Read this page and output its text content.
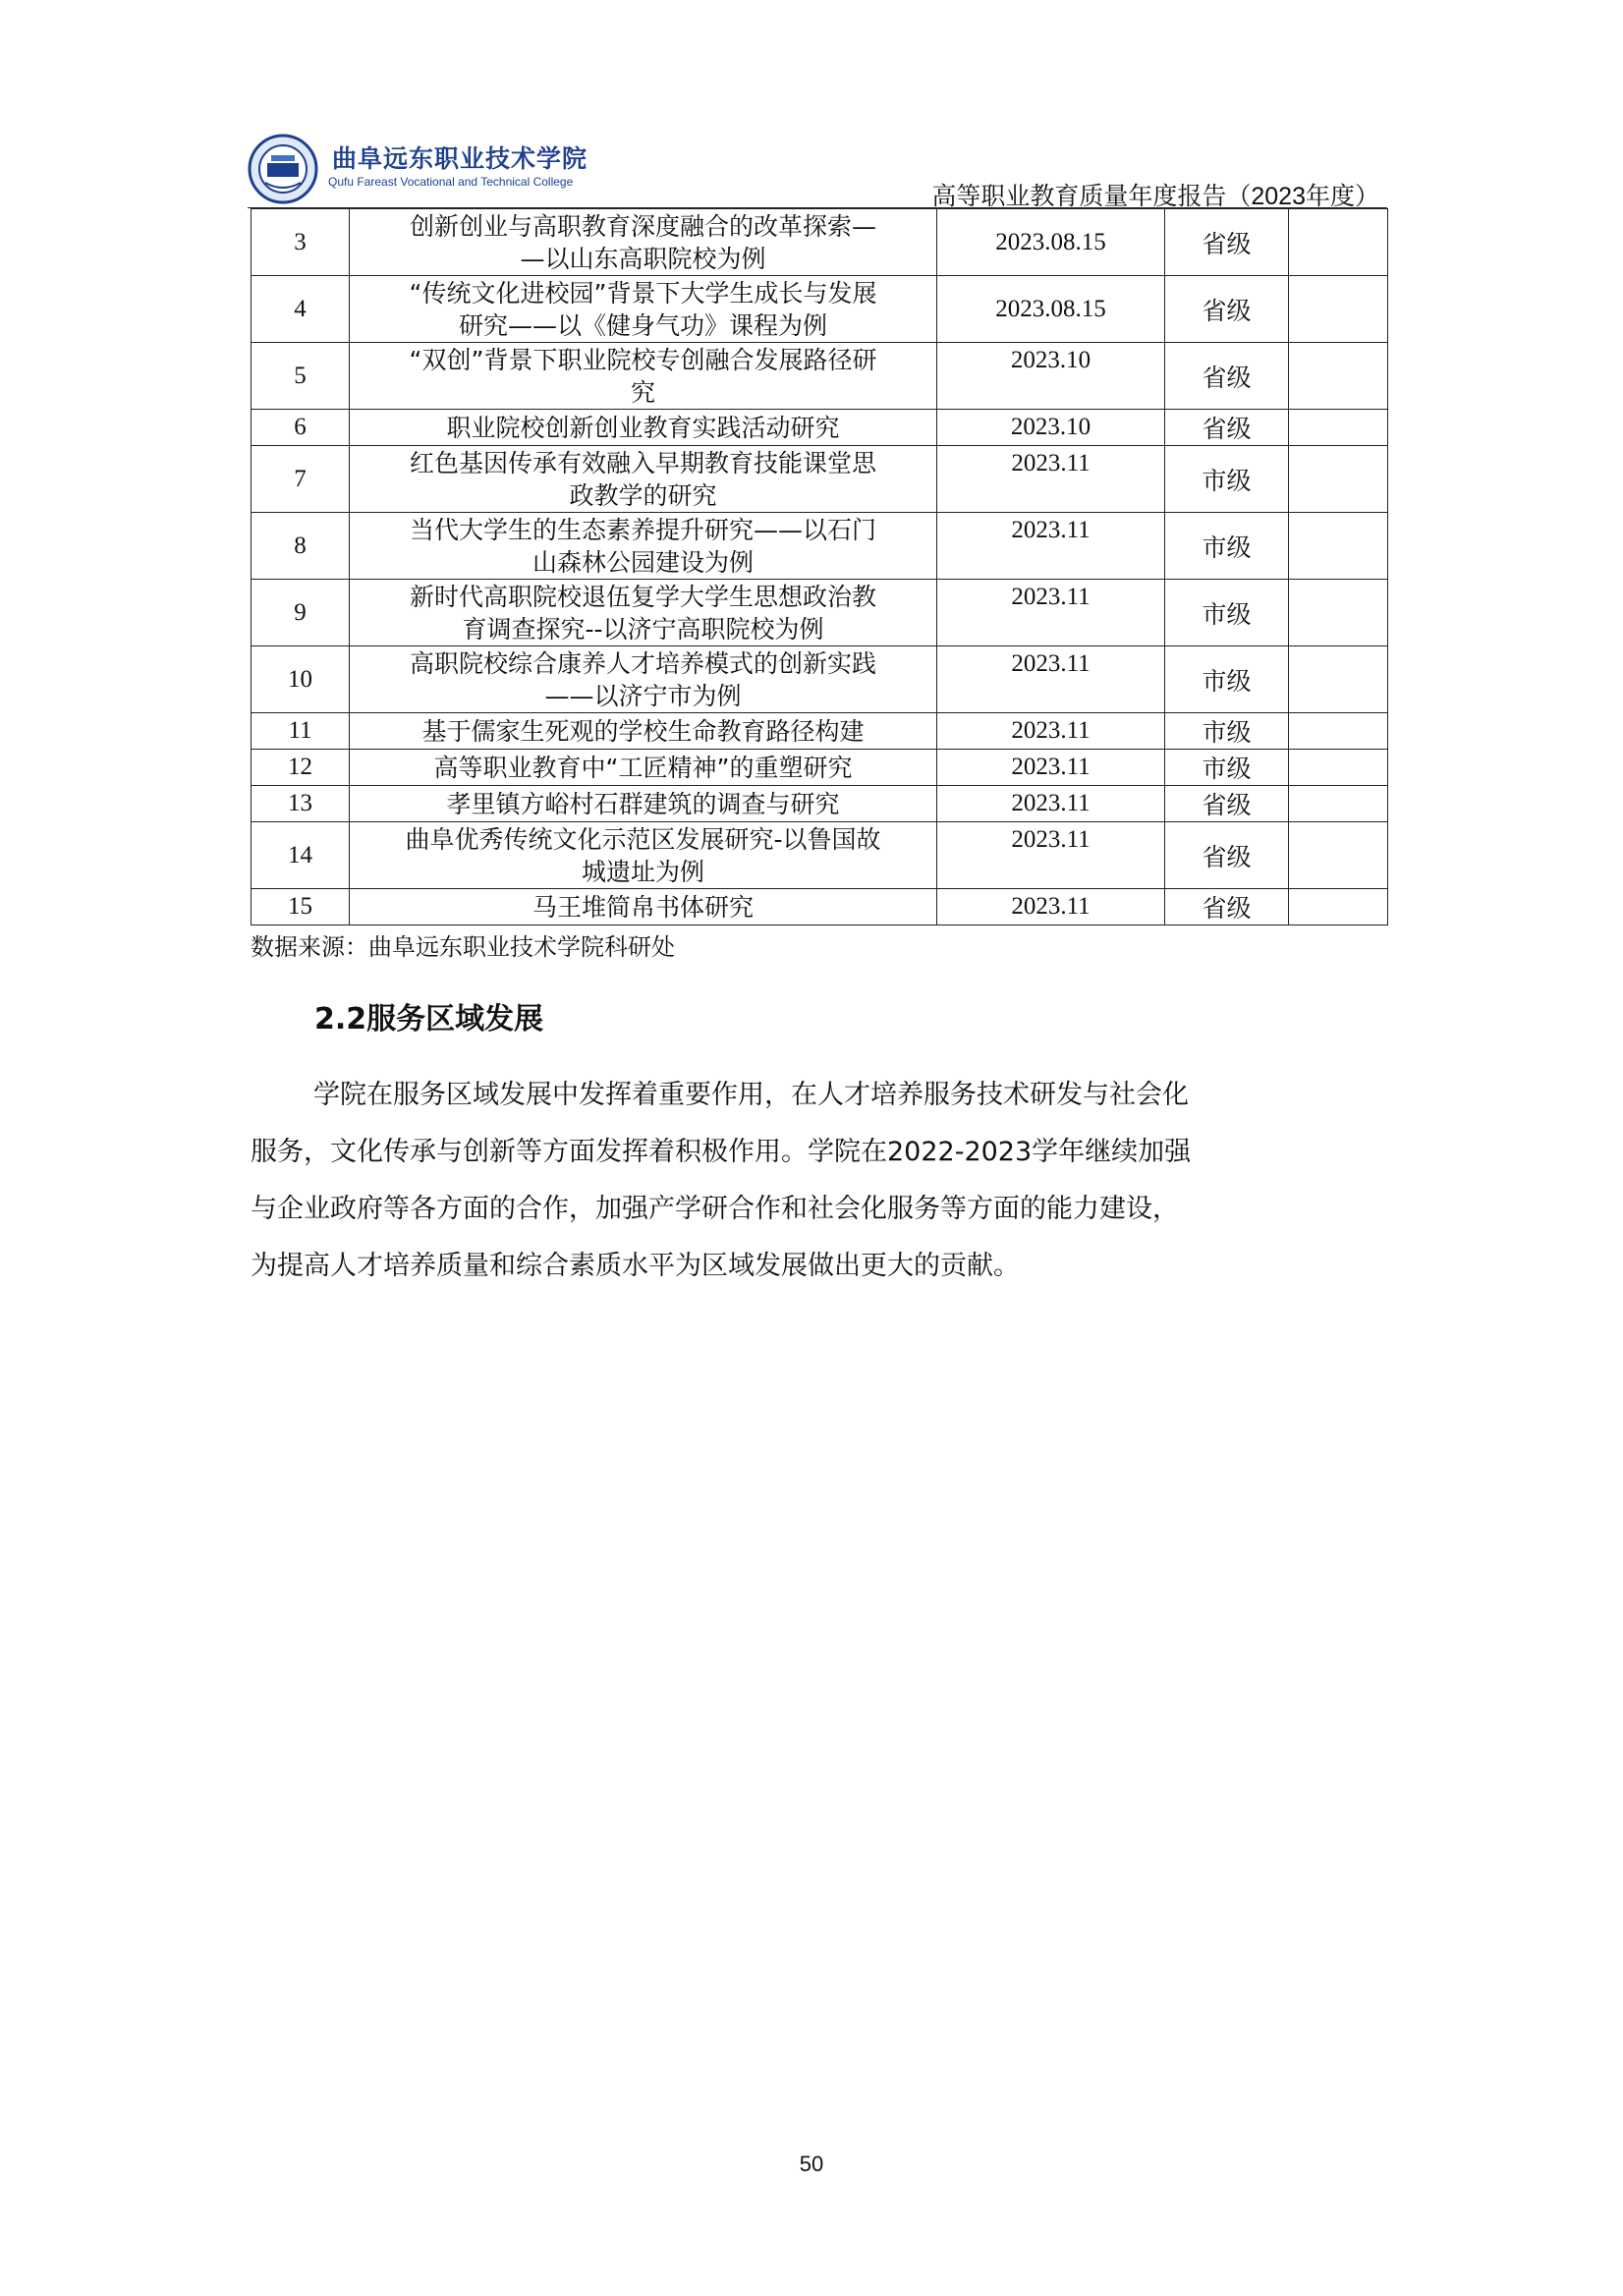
曲阜远东职业技术学院
Qufu Fareast Vocational and Technical College
高等职业教育质量年度报告（2023年度）
3	创新创业与高职教育深度融合的改革探索—
—以山东高职院校为例	2023.08.15	省级	
4	“传统文化进校园”背景下大学生成长与发展
研究——以《健身气功》课程为例	2023.08.15	省级	
5	“双创”背景下职业院校专创融合发展路径研
究	2023.10	省级	
6	职业院校创新创业教育实践活动研究	2023.10	省级	
7	红色基因传承有效融入早期教育技能课堂思
政教学的研究	2023.11	市级	
8	当代大学生的生态素养提升研究——以石门
山森林公园建设为例	2023.11	市级	
9	新时代高职院校退伍复学大学生思想政治教
育调查探究--以济宁高职院校为例	2023.11	市级	
10	高职院校综合康养人才培养模式的创新实践
——以济宁市为例	2023.11	市级	
11	基于儒家生死观的学校生命教育路径构建	2023.11	市级	
12	高等职业教育中“工匠精神”的重塑研究	2023.11	市级	
13	孝里镇方峪村石群建筑的调查与研究	2023.11	省级	
14	曲阜优秀传统文化示范区发展研究-以鲁国故
城遗址为例	2023.11	省级	
15	马王堆简帛书体研究	2023.11	省级	
数据来源：曲阜远东职业技术学院科研处
2.2服务区域发展
学院在服务区域发展中发挥着重要作用，在人才培养服务技术研发与社会化
服务，文化传承与创新等方面发挥着积极作用。学院在2022-2023学年继续加强
与企业政府等各方面的合作，加强产学研合作和社会化服务等方面的能力建设，
为提高人才培养质量和综合素质水平为区域发展做出更大的贡献。
50
